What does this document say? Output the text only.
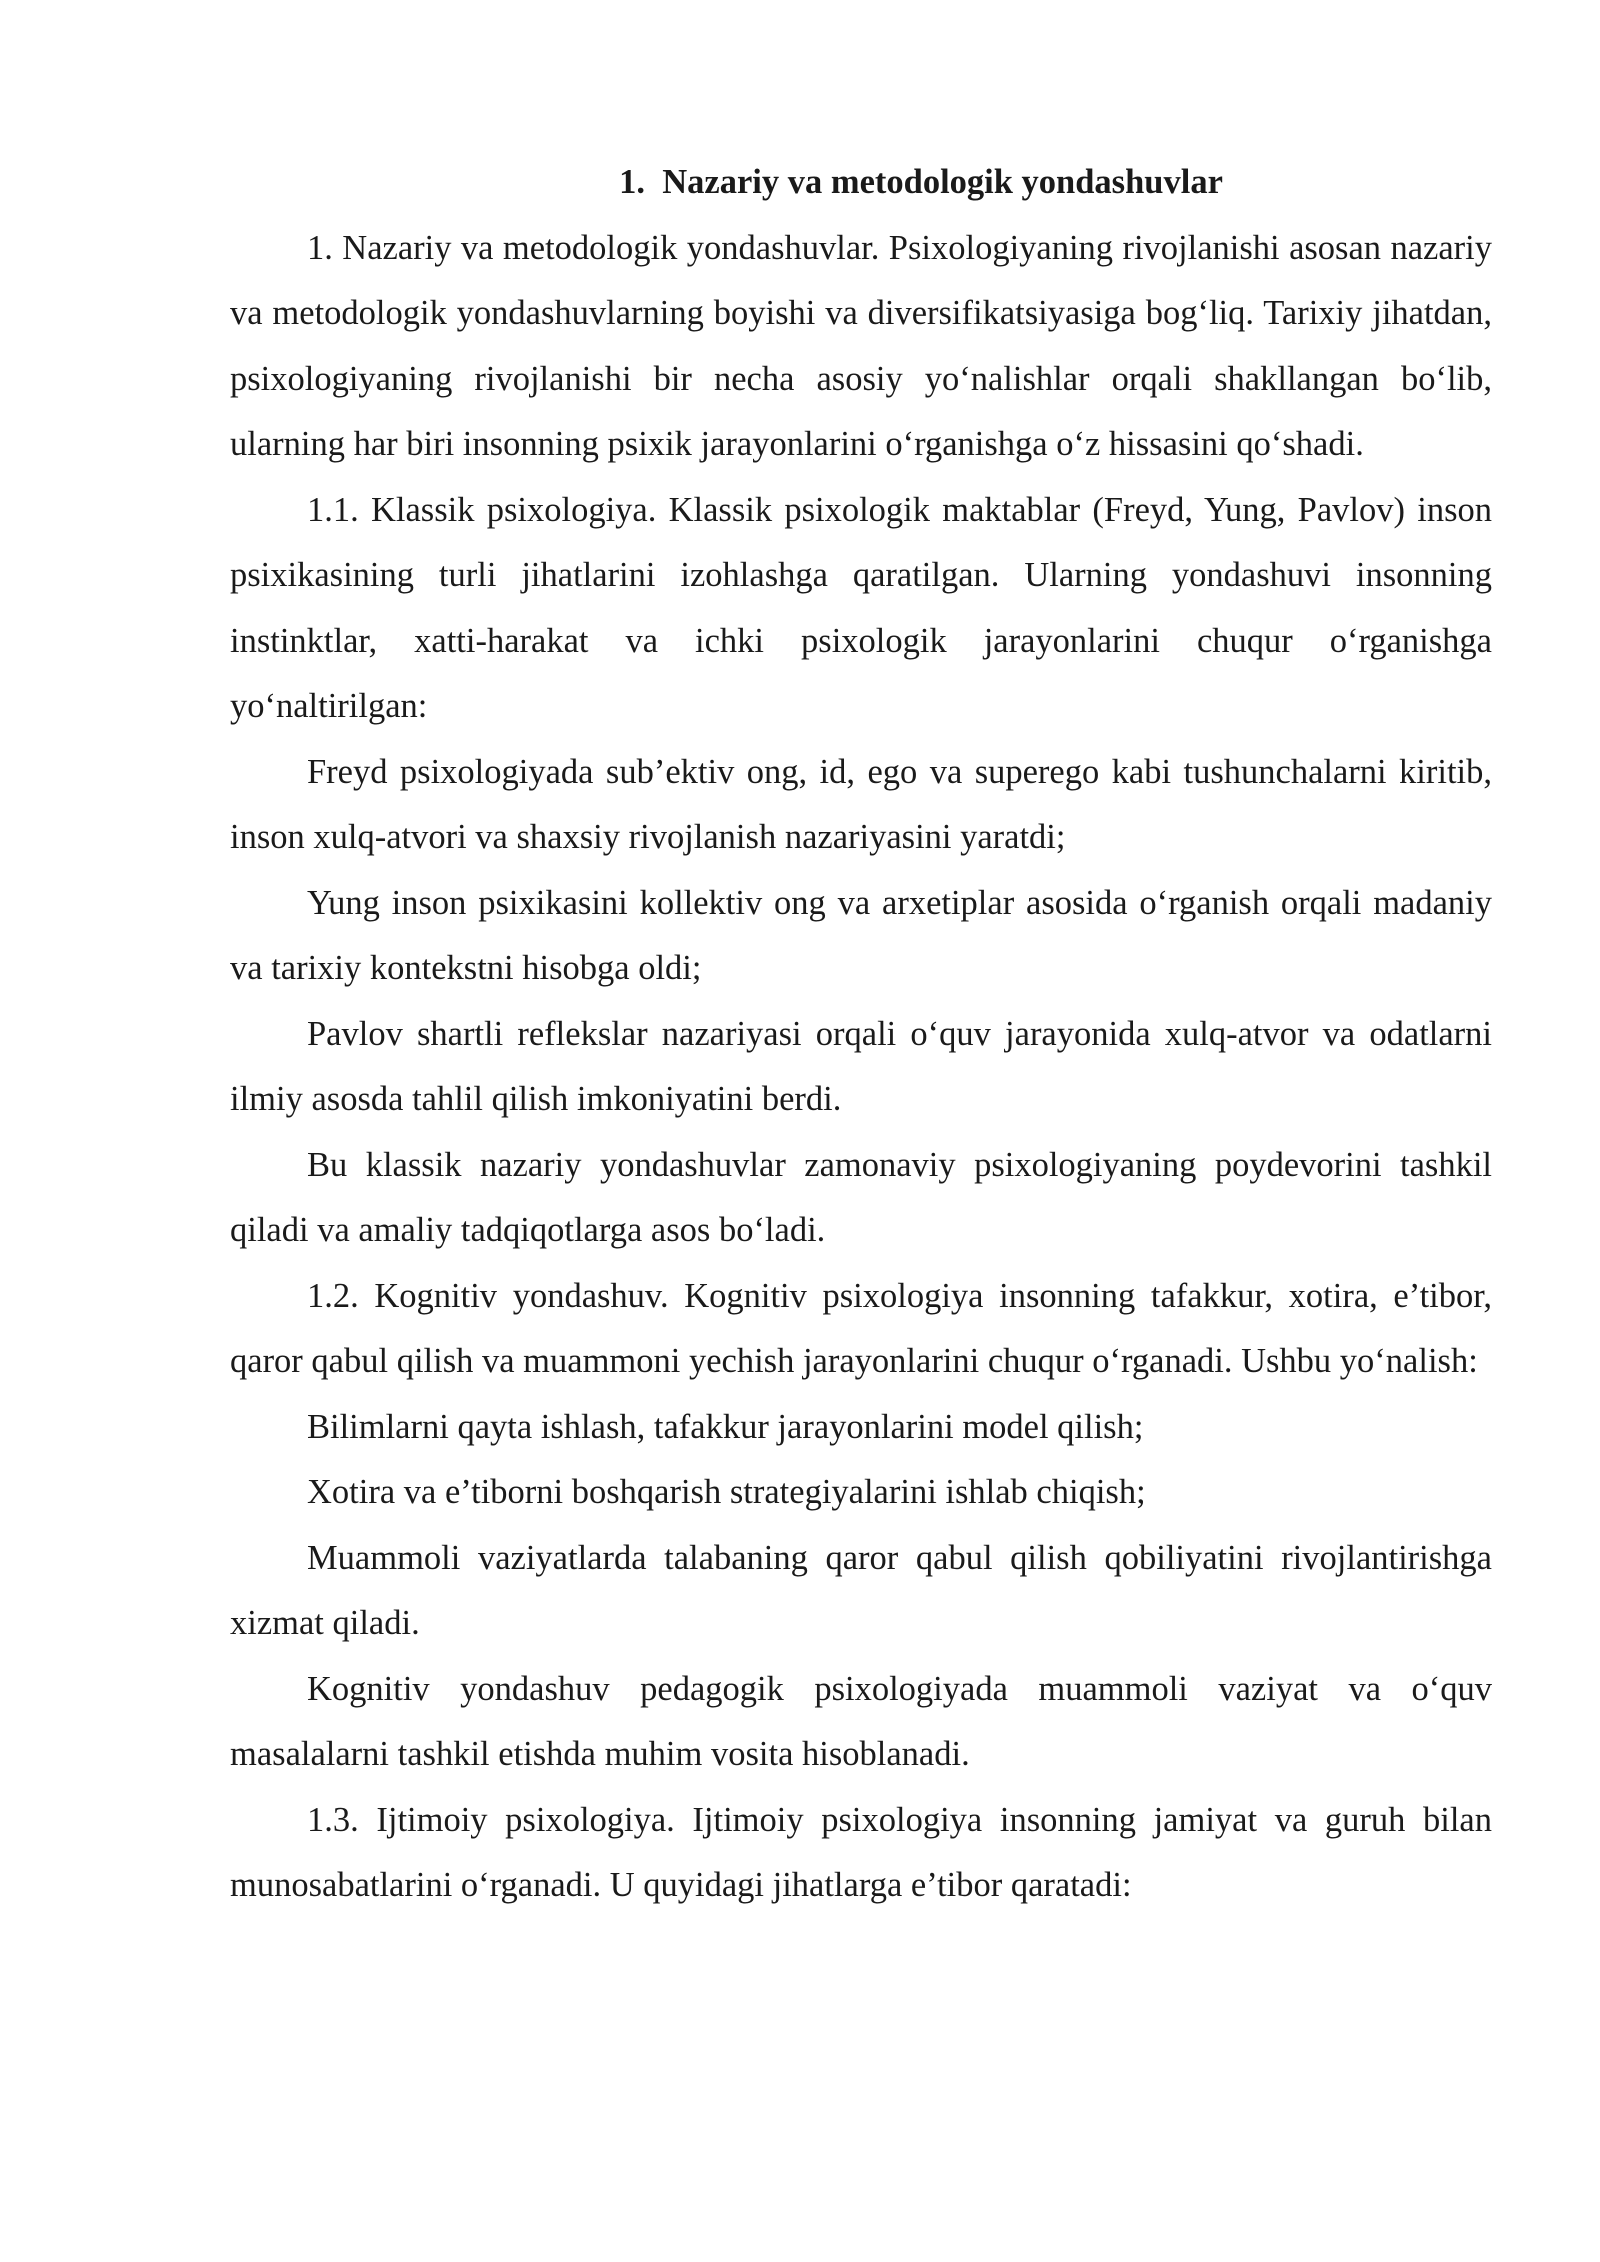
1.  Nazariy va metodologik yondashuvlar

1. Nazariy va metodologik yondashuvlar. Psixologiyaning rivojlanishi asosan nazariy va metodologik yondashuvlarning boyishi va diversifikatsiyasiga bog‘liq. Tarixiy jihatdan, psixologiyaning rivojlanishi bir necha asosiy yo‘nalishlar orqali shakllangan bo‘lib, ularning har biri insonning psixik jarayonlarini o‘rganishga o‘z hissasini qo‘shadi.

1.1. Klassik psixologiya. Klassik psixologik maktablar (Freyd, Yung, Pavlov) inson psixikasining turli jihatlarini izohlashga qaratilgan. Ularning yondashuvi insonning instinktlar, xatti-harakat va ichki psixologik jarayonlarini chuqur o‘rganishga yo‘naltirilgan:

Freyd psixologiyada sub’ektiv ong, id, ego va superego kabi tushunchalarni kiritib, inson xulq-atvori va shaxsiy rivojlanish nazariyasini yaratdi;

Yung inson psixikasini kollektiv ong va arxetiplar asosida o‘rganish orqali madaniy va tarixiy kontekstni hisobga oldi;

Pavlov shartli reflekslar nazariyasi orqali o‘quv jarayonida xulq-atvor va odatlarni ilmiy asosda tahlil qilish imkoniyatini berdi.

Bu klassik nazariy yondashuvlar zamonaviy psixologiyaning poydevorini tashkil qiladi va amaliy tadqiqotlarga asos bo‘ladi.

1.2. Kognitiv yondashuv. Kognitiv psixologiya insonning tafakkur, xotira, e’tibor, qaror qabul qilish va muammoni yechish jarayonlarini chuqur o‘rganadi. Ushbu yo‘nalish:

Bilimlarni qayta ishlash, tafakkur jarayonlarini model qilish;

Xotira va e’tiborni boshqarish strategiyalarini ishlab chiqish;

Muammoli vaziyatlarda talabaning qaror qabul qilish qobiliyatini rivojlantirishga xizmat qiladi.

Kognitiv yondashuv pedagogik psixologiyada muammoli vaziyat va o‘quv masalalarni tashkil etishda muhim vosita hisoblanadi.

1.3. Ijtimoiy psixologiya. Ijtimoiy psixologiya insonning jamiyat va guruh bilan munosabatlarini o‘rganadi. U quyidagi jihatlarga e’tibor qaratadi:
